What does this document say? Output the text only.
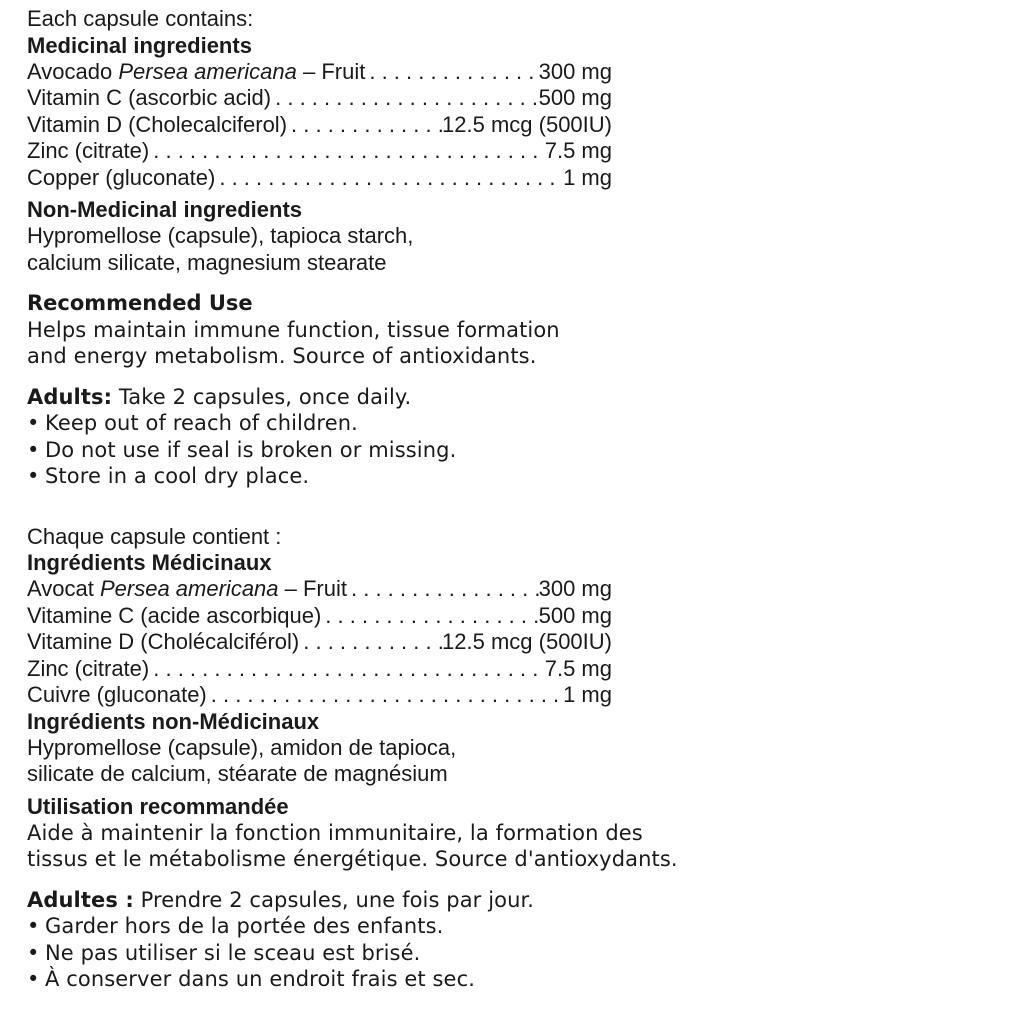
Each capsule contains:
Medicinal ingredients
Avocado Persea americana – Fruit . . .	300 mg
Vitamin C (ascorbic acid) . . .	500 mg
Vitamin D (Cholecalciferol) . . .	12.5 mcg (500IU)
Zinc (citrate) . . .	7.5 mg
Copper (gluconate) . . .	1 mg
Non-Medicinal ingredients
Hypromellose (capsule), tapioca starch,
calcium silicate, magnesium stearate
Recommended Use
Helps maintain immune function, tissue formation
and energy metabolism. Source of antioxidants.
Adults: Take 2 capsules, once daily.
• Keep out of reach of children.
• Do not use if seal is broken or missing.
• Store in a cool dry place.
Chaque capsule contient :
Ingrédients Médicinaux
Avocat Persea americana – Fruit . . .	300 mg
Vitamine C (acide ascorbique) . . .	500 mg
Vitamine D (Cholécalciférol) . . .	12.5 mcg (500IU)
Zinc (citrate) . . .	7.5 mg
Cuivre (gluconate) . . .	1 mg
Ingrédients non-Médicinaux
Hypromellose (capsule), amidon de tapioca,
silicate de calcium, stéarate de magnésium
Utilisation recommandée
Aide à maintenir la fonction immunitaire, la formation des
tissus et le métabolisme énergétique. Source d'antioxydants.
Adultes : Prendre 2 capsules, une fois par jour.
• Garder hors de la portée des enfants.
• Ne pas utiliser si le sceau est brisé.
• À conserver dans un endroit frais et sec.
